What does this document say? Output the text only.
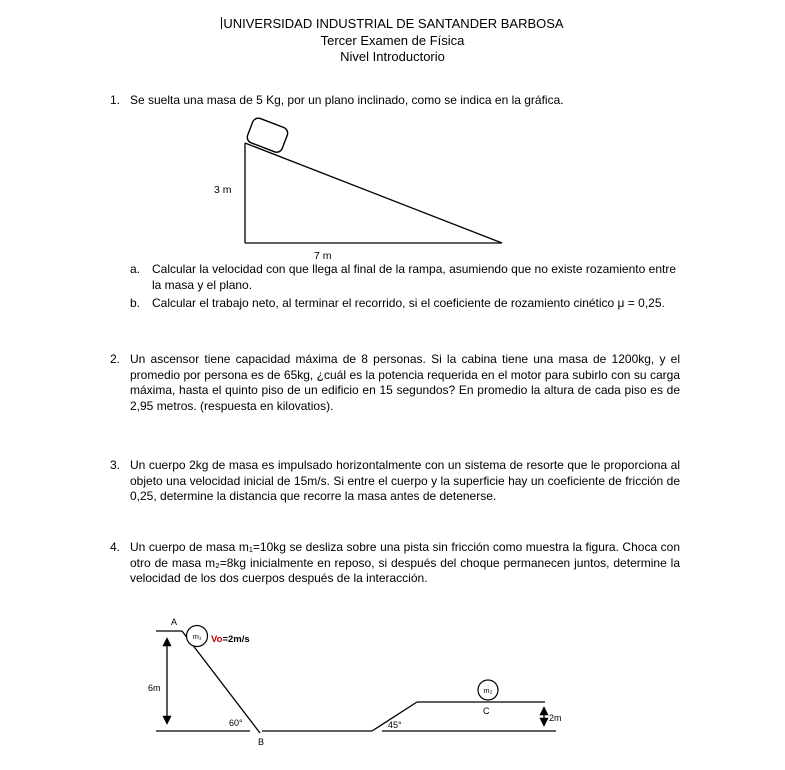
UNIVERSIDAD INDUSTRIAL DE SANTANDER BARBOSA
Tercer Examen de Física
Nivel Introductorio
1. Se suelta una masa de 5 Kg, por un plano inclinado, como se indica en la gráfica.

3 m
7 m
a. Calcular la velocidad con que llega al final de la rampa, asumiendo que no existe rozamiento entre la masa y el plano.

b. Calcular el trabajo neto, al terminar el recorrido, si el coeficiente de rozamiento cinético μ = 0,25.

2. Un ascensor tiene capacidad máxima de 8 personas. Si la cabina tiene una masa de 1200kg, y el promedio por persona es de 65kg, ¿cuál es la potencia requerida en el motor para subirlo con su carga máxima, hasta el quinto piso de un edificio en 15 segundos? En promedio la altura de cada piso es de 2,95 metros. (respuesta en kilovatios).

3. Un cuerpo 2kg de masa es impulsado horizontalmente con un sistema de resorte que le proporciona al objeto una velocidad inicial de 15m/s. Si entre el cuerpo y la superficie hay un coeficiente de fricción de 0,25, determine la distancia que recorre la masa antes de detenerse.

4. Un cuerpo de masa m₁=10kg se desliza sobre una pista sin fricción como muestra la figura. Choca con otro de masa m₂=8kg inicialmente en reposo, si después del choque permanecen juntos, determine la velocidad de los dos cuerpos después de la interacción.

A
6m
m₁ Vo=2m/s
60°
B
45°
m₂
C
2m
